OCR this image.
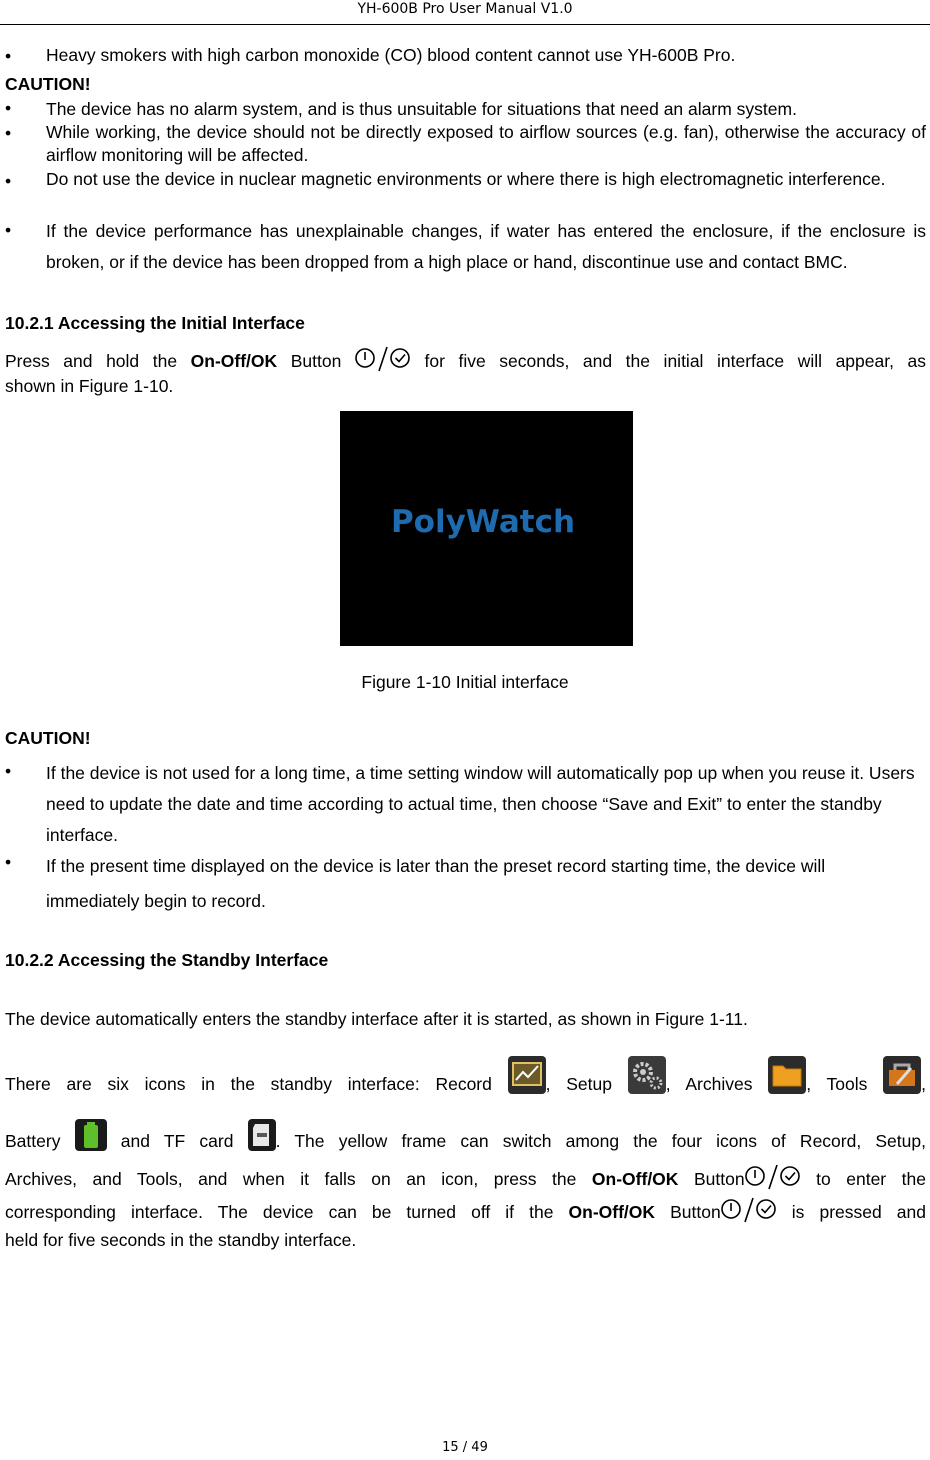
YH-600B Pro User Manual V1.0
• Heavy smokers with high carbon monoxide (CO) blood content cannot use YH-600B Pro.
CAUTION!
• The device has no alarm system, and is thus unsuitable for situations that need an alarm system.
• While working, the device should not be directly exposed to airflow sources (e.g. fan), otherwise the accuracy of airflow monitoring will be affected.
• Do not use the device in nuclear magnetic environments or where there is high electromagnetic interference.
• If the device performance has unexplainable changes, if water has entered the enclosure, if the enclosure is broken, or if the device has been dropped from a high place or hand, discontinue use and contact BMC.
10.2.1 Accessing the Initial Interface
Press and hold the On-Off/OK Button	for five seconds, and the initial interface will appear, as
shown in Figure 1-10.
PolyWatch
Figure 1-10 Initial interface
CAUTION!
• If the device is not used for a long time, a time setting window will automatically pop up when you reuse it. Users need to update the date and time according to actual time, then choose “Save and Exit” to enter the standby interface.
• If the present time displayed on the device is later than the preset record starting time, the device will immediately begin to record.
10.2.2 Accessing the Standby Interface
The device automatically enters the standby interface after it is started, as shown in Figure 1-11.
There are six icons in the standby interface: Record , Setup , Archives , Tools ,
Battery  and TF card . The yellow frame can switch among the four icons of Record, Setup,
Archives, and Tools, and when it falls on an icon, press the On-Off/OK Button	to enter the
corresponding interface. The device can be turned off if the On-Off/OK Button	is pressed and
held for five seconds in the standby interface.
15 / 49
